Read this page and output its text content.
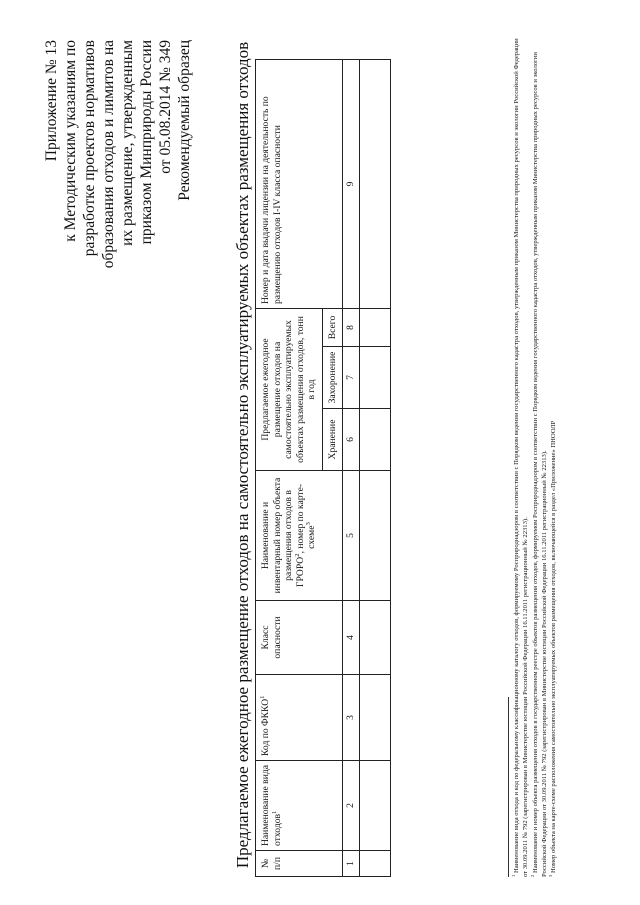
Приложение № 13 к Методическим указаниям по разработке проектов нормативов образования отходов и лимитов на их размещение, утвержденным приказом Минприроды России от 05.08.2014 № 349 Рекомендуемый образец Предлагаемое ежегодное размещение отходов на самостоятельно эксплуатируемых объектах размещения отходов № п/п	Наименование вида отходов$^1$	Код по ФККО$^1$	Класс опасности	Наименование и инвентарный номер объекта размещения отходов в ГРОРО$^2$, номер по карте-схеме$^3$	Предлагаемое ежегодное размещение отходов на самостоятельно эксплуатируемых объектах размещения отходов, тонн в год			Номер и дата выдачи лицензии на деятельность по размещению отходов I-IV класса опасности
					Хранение	Захоронение	Всего	
1	2	3	4	5	6	7	8	9

$^1$ Наименование вида отхода и код по федеральному классификационному каталогу отходов, формируемому Росприроднадзором в соответствии с Порядком ведения государственного кадастра отходов, утвержденным приказом Министерства природных ресурсов и экологии Российской Федерации от 30.09.2011 № 792 (зарегистрирован в Министерстве юстиции Российской Федерации 16.11.2011 регистрационный № 22313). $^2$ Наименование и номер объекта размещения отходов в государственном реестре объектов размещения отходов, формируемом Росприроднадзором в соответствии с Порядком ведения государственного кадастра отходов, утвержденным приказом Министерства природных ресурсов и экологии Российской Федерации от 30.09.2011 № 792 (зарегистрирован в Министерстве юстиции Российской Федерации 16.11.2011 регистрационный № 22313). $^3$ Номер объекта на карте-схеме расположения самостоятельно эксплуатируемых объектов размещения отходов, включающейся в раздел «Приложение» ПНООЛР
